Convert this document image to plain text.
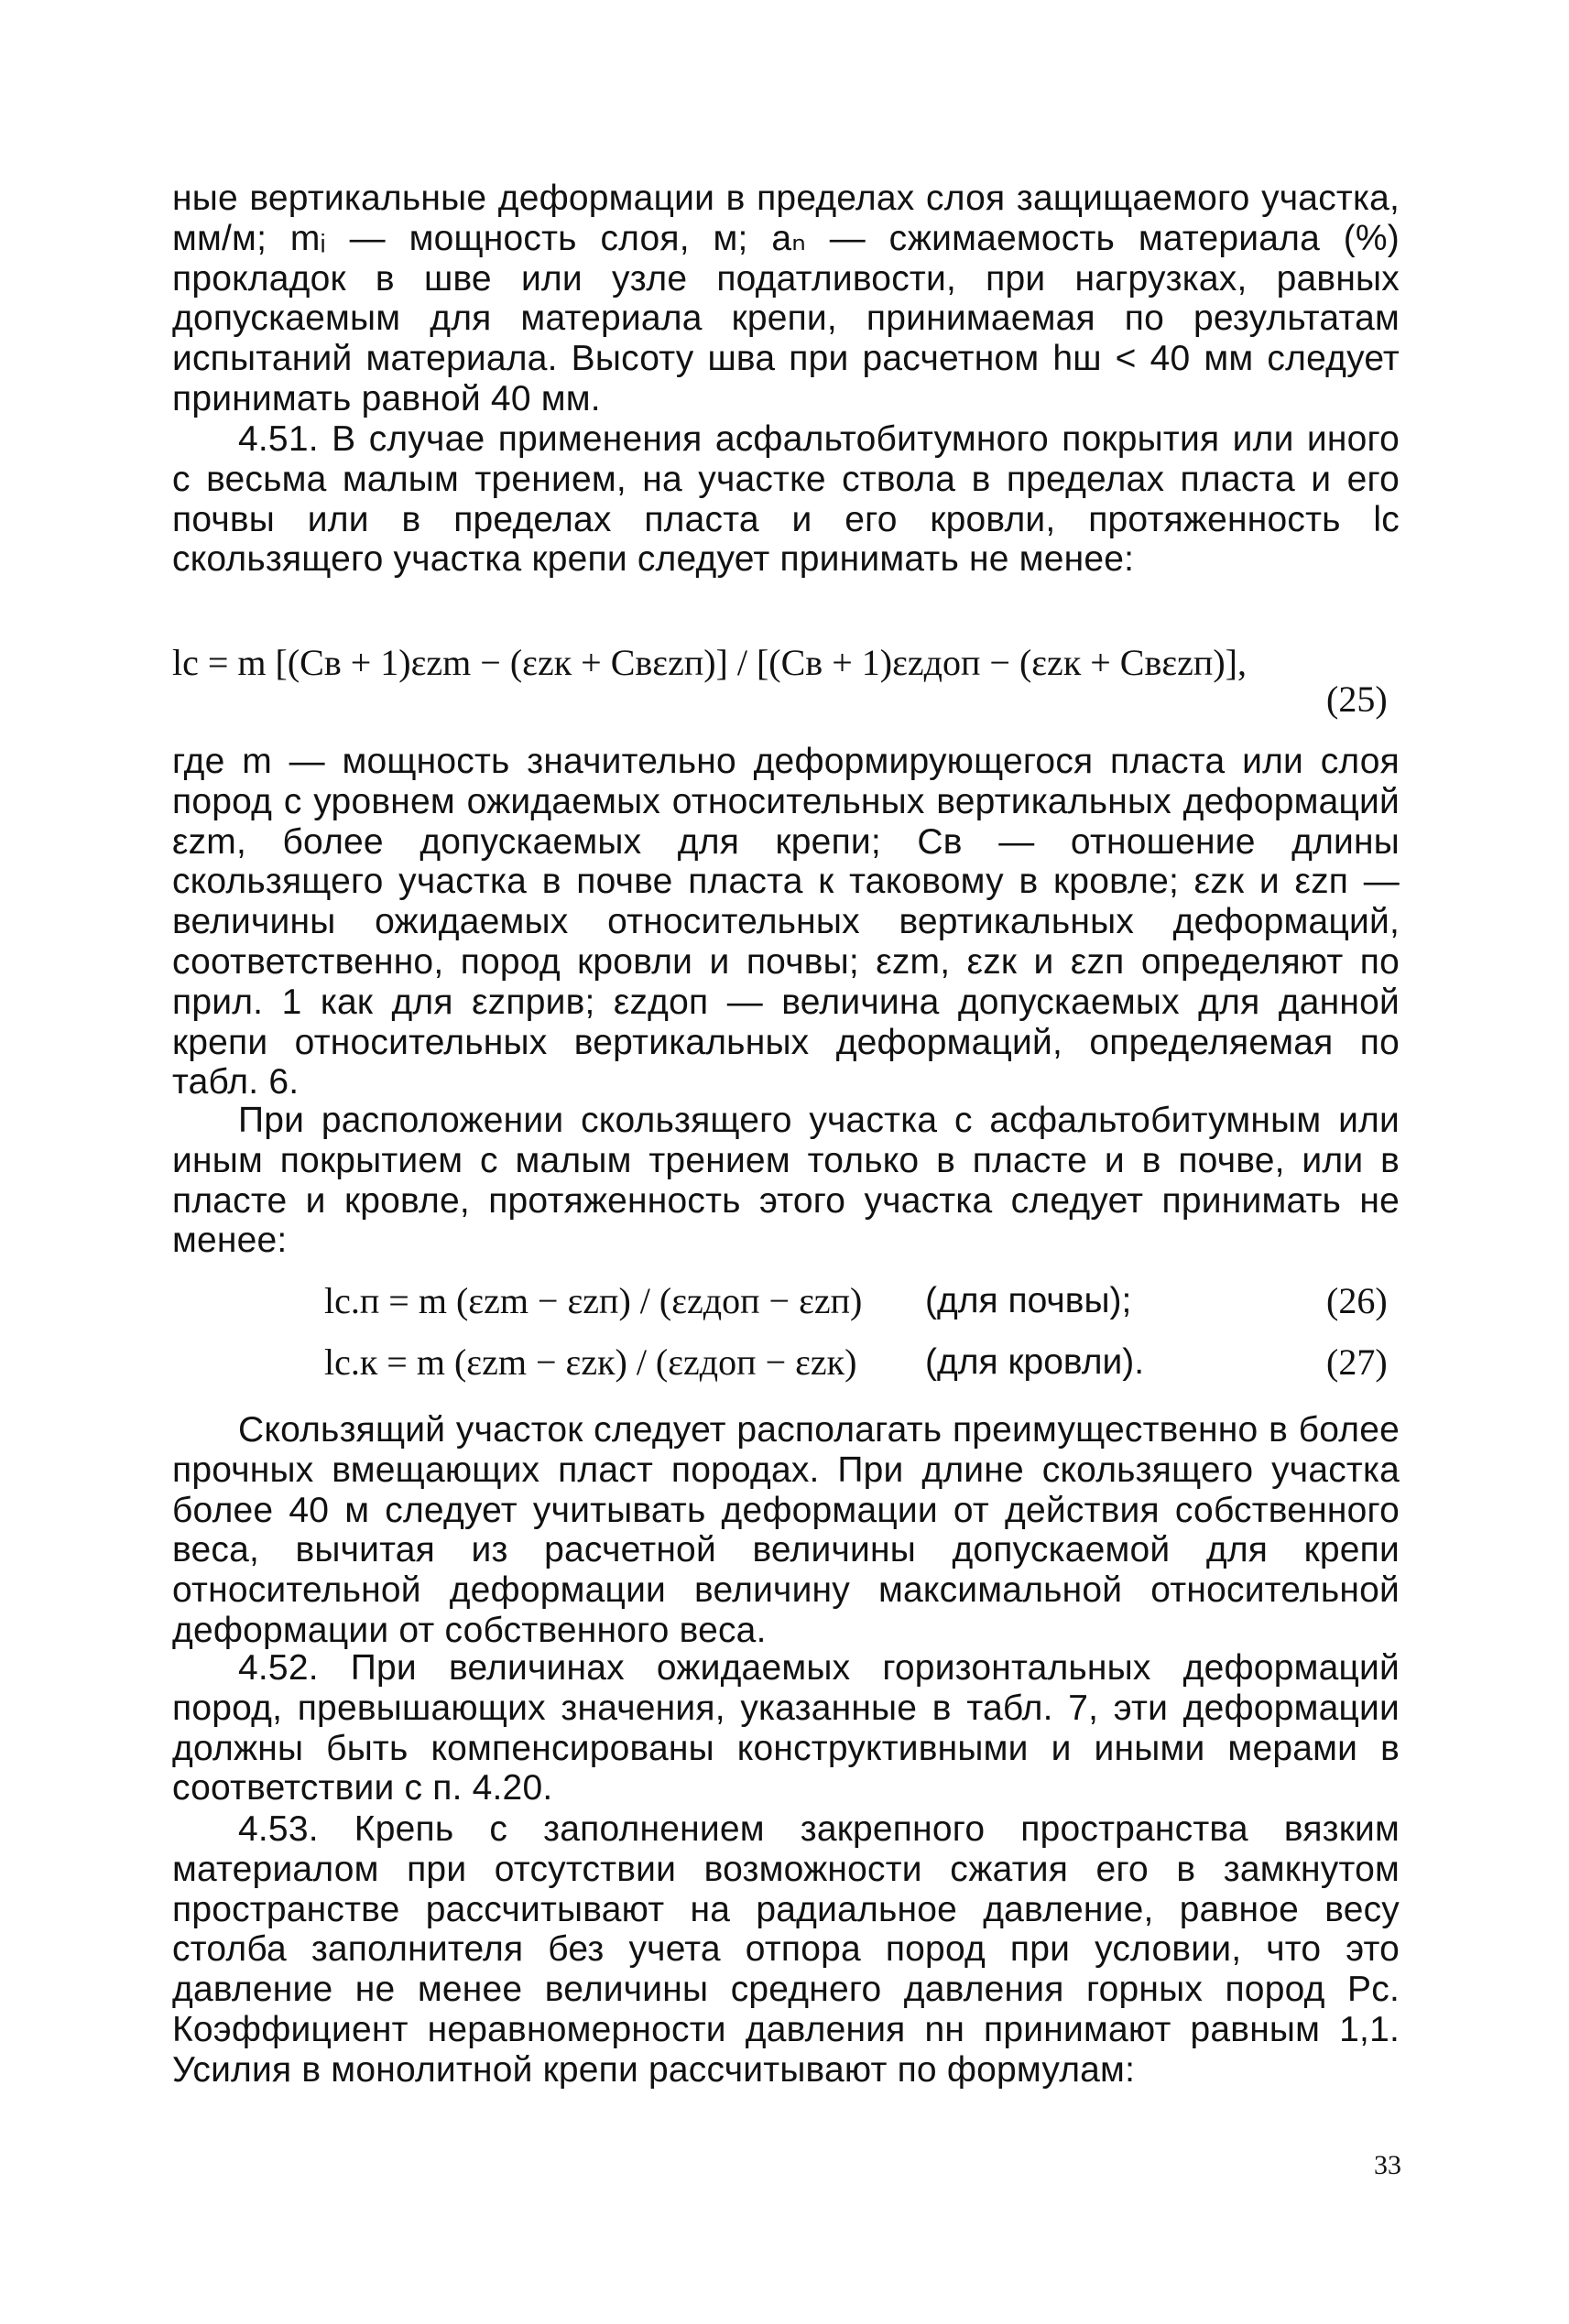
ные вертикальные деформации в пределах слоя защищаемого участка, мм/м; mᵢ — мощность слоя, м; aₙ — сжимаемость материала (%) прокладок в шве или узле податливости, при нагрузках, равных допускаемым для материала крепи, принимаемая по результатам испытаний материала. Высоту шва при расчетном hш < 40 мм следует принимать равной 40 мм.

4.51. В случае применения асфальтобитумного покрытия или иного с весьма малым трением, на участке ствола в пределах пласта и его почвы или в пределах пласта и его кровли, протяженность lс скользящего участка крепи следует принимать не менее:

lс = m [(Cв + 1)εzm − (εzк + Cвεzп)] / [(Cв + 1)εzдоп − (εzк + Cвεzп)],
(25)

где m — мощность значительно деформирующегося пласта или слоя пород с уровнем ожидаемых относительных вертикальных деформаций εzm, более допускаемых для крепи; Cв — отношение длины скользящего участка в почве пласта к таковому в кровле; εzк и εzп — величины ожидаемых относительных вертикальных деформаций, соответственно, пород кровли и почвы; εzm, εzк и εzп определяют по прил. 1 как для εzприв; εzдоп — величина допускаемых для данной крепи относительных вертикальных деформаций, определяемая по табл. 6.

При расположении скользящего участка с асфальтобитумным или иным покрытием с малым трением только в пласте и в почве, или в пласте и кровле, протяженность этого участка следует принимать не менее:

lс.п = m (εzm − εzп) / (εzдоп − εzп) (для почвы);	(26)
lс.к = m (εzm − εzк) / (εzдоп − εzк) (для кровли).	(27)

Скользящий участок следует располагать преимущественно в более прочных вмещающих пласт породах. При длине скользящего участка более 40 м следует учитывать деформации от действия собственного веса, вычитая из расчетной величины допускаемой для крепи относительной деформации величину максимальной относительной деформации от собственного веса.

4.52. При величинах ожидаемых горизонтальных деформаций пород, превышающих значения, указанные в табл. 7, эти деформации должны быть компенсированы конструктивными и иными мерами в соответствии с п. 4.20.

4.53. Крепь с заполнением закрепного пространства вязким материалом при отсутствии возможности сжатия его в замкнутом пространстве рассчитывают на радиальное давление, равное весу столба заполнителя без учета отпора пород при условии, что это давление не менее величины среднего давления горных пород Pс. Коэффициент неравномерности давления nн принимают равным 1,1. Усилия в монолитной крепи рассчитывают по формулам:

33
